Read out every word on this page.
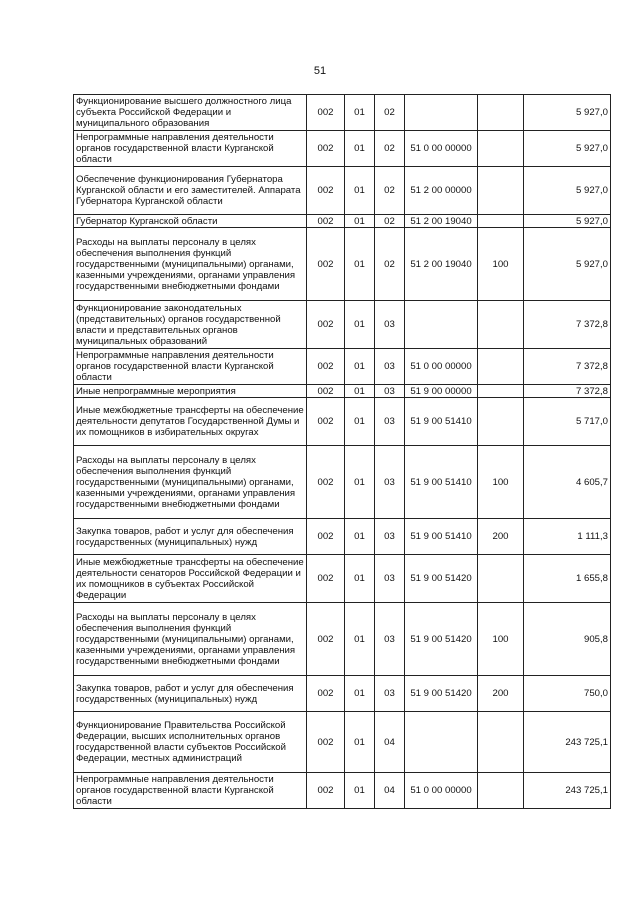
51
Функционирование высшего должностного лица субъекта Российской Федерации и муниципального образования	002	01	02			5 927,0
Непрограммные направления деятельности органов государственной власти Курганской области	002	01	02	51 0 00 00000		5 927,0
Обеспечение функционирования Губернатора Курганской области и его заместителей. Аппарата Губернатора Курганской области	002	01	02	51 2 00 00000		5 927,0
Губернатор Курганской области	002	01	02	51 2 00 19040		5 927,0
Расходы на выплаты персоналу в целях обеспечения выполнения функций государственными (муниципальными) органами, казенными учреждениями, органами управления государственными внебюджетными фондами	002	01	02	51 2 00 19040	100	5 927,0
Функционирование законодательных (представительных) органов государственной власти и представительных органов муниципальных образований	002	01	03			7 372,8
Непрограммные направления деятельности органов государственной власти Курганской области	002	01	03	51 0 00 00000		7 372,8
Иные непрограммные мероприятия	002	01	03	51 9 00 00000		7 372,8
Иные межбюджетные трансферты на обеспечение деятельности депутатов Государственной Думы и их помощников в избирательных округах	002	01	03	51 9 00 51410		5 717,0
Расходы на выплаты персоналу в целях обеспечения выполнения функций государственными (муниципальными) органами, казенными учреждениями, органами управления государственными внебюджетными фондами	002	01	03	51 9 00 51410	100	4 605,7
Закупка товаров, работ и услуг для обеспечения государственных (муниципальных) нужд	002	01	03	51 9 00 51410	200	1 111,3
Иные межбюджетные трансферты на обеспечение деятельности сенаторов Российской Федерации и их помощников в субъектах Российской Федерации	002	01	03	51 9 00 51420		1 655,8
Расходы на выплаты персоналу в целях обеспечения выполнения функций государственными (муниципальными) органами, казенными учреждениями, органами управления государственными внебюджетными фондами	002	01	03	51 9 00 51420	100	905,8
Закупка товаров, работ и услуг для обеспечения государственных (муниципальных) нужд	002	01	03	51 9 00 51420	200	750,0
Функционирование Правительства Российской Федерации, высших исполнительных органов государственной власти субъектов Российской Федерации, местных администраций	002	01	04			243 725,1
Непрограммные направления деятельности органов государственной власти Курганской области	002	01	04	51 0 00 00000		243 725,1
